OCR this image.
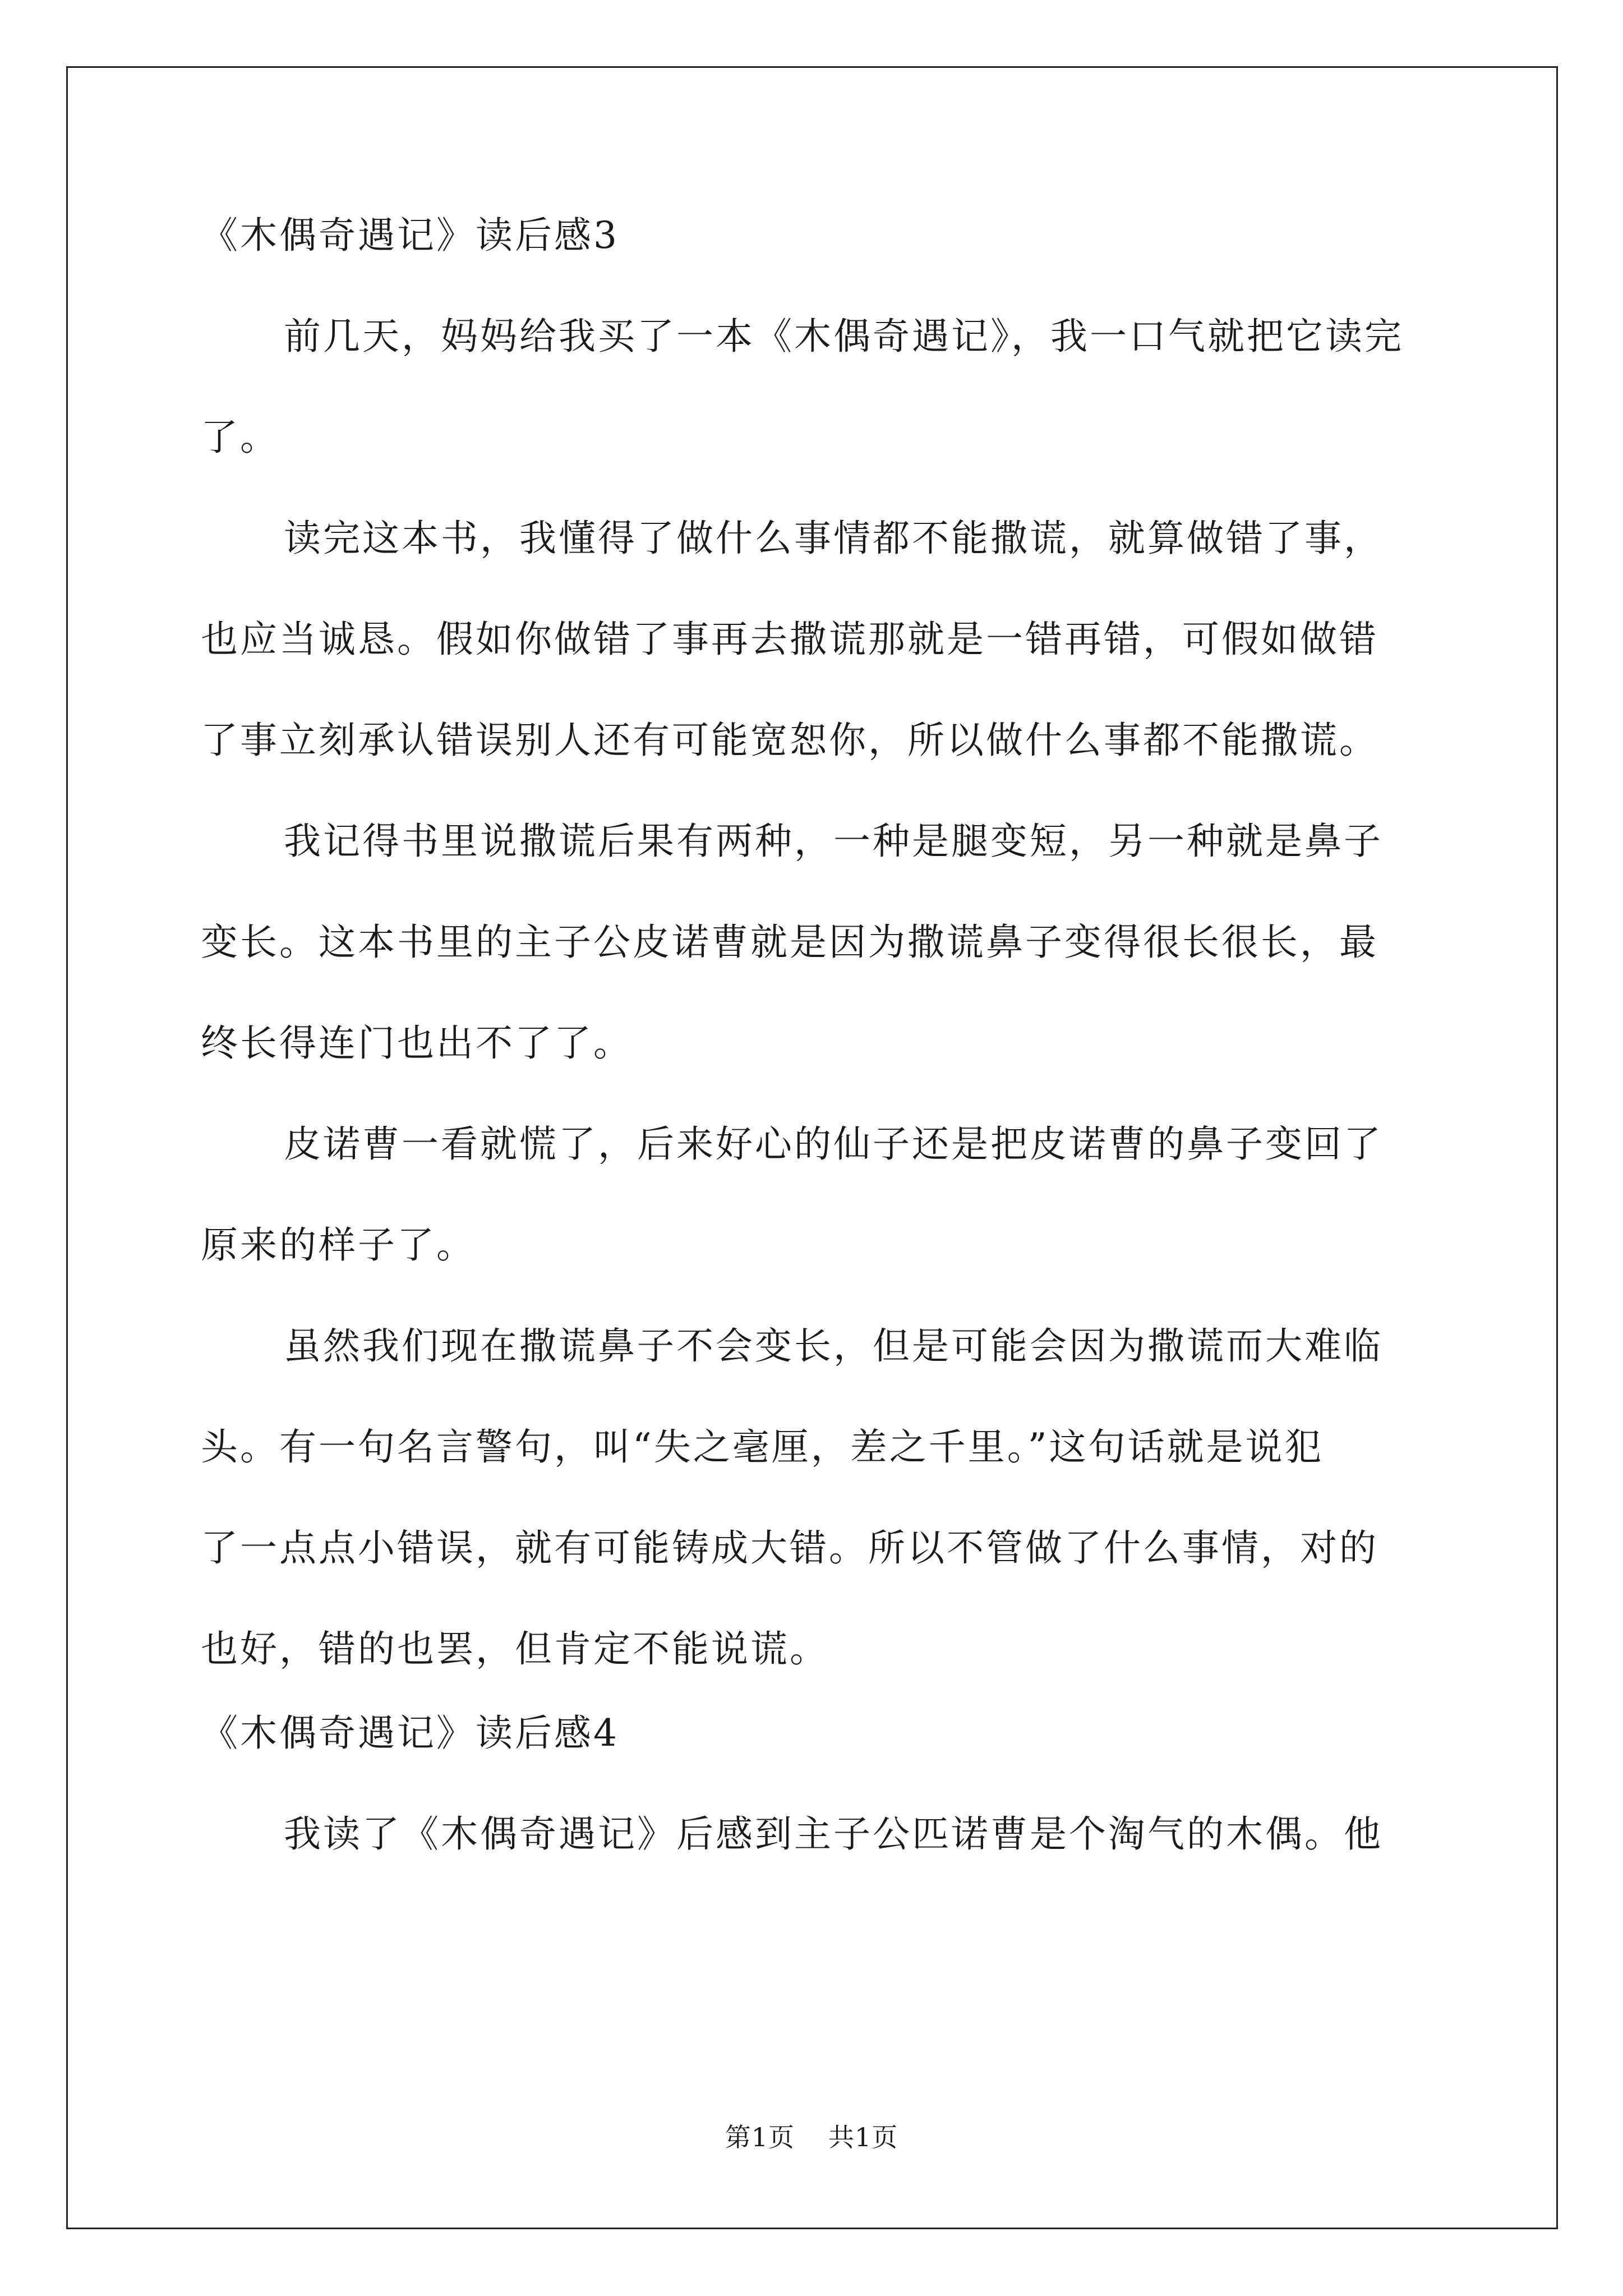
《木偶奇遇记》读后感3
前几天，妈妈给我买了一本《木偶奇遇记》，我一口气就把它读完
了。
读完这本书，我懂得了做什么事情都不能撒谎，就算做错了事，
也应当诚恳。假如你做错了事再去撒谎那就是一错再错，可假如做错
了事立刻承认错误别人还有可能宽恕你，所以做什么事都不能撒谎。
我记得书里说撒谎后果有两种，一种是腿变短，另一种就是鼻子
变长。这本书里的主子公皮诺曹就是因为撒谎鼻子变得很长很长，最
终长得连门也出不了了。
皮诺曹一看就慌了，后来好心的仙子还是把皮诺曹的鼻子变回了
原来的样子了。
虽然我们现在撒谎鼻子不会变长，但是可能会因为撒谎而大难临
头。有一句名言警句，叫“失之毫厘，差之千里。”这句话就是说犯
了一点点小错误，就有可能铸成大错。所以不管做了什么事情，对的
也好，错的也罢，但肯定不能说谎。
《木偶奇遇记》读后感4
我读了《木偶奇遇记》后感到主子公匹诺曹是个淘气的木偶。他
第1页 共1页
